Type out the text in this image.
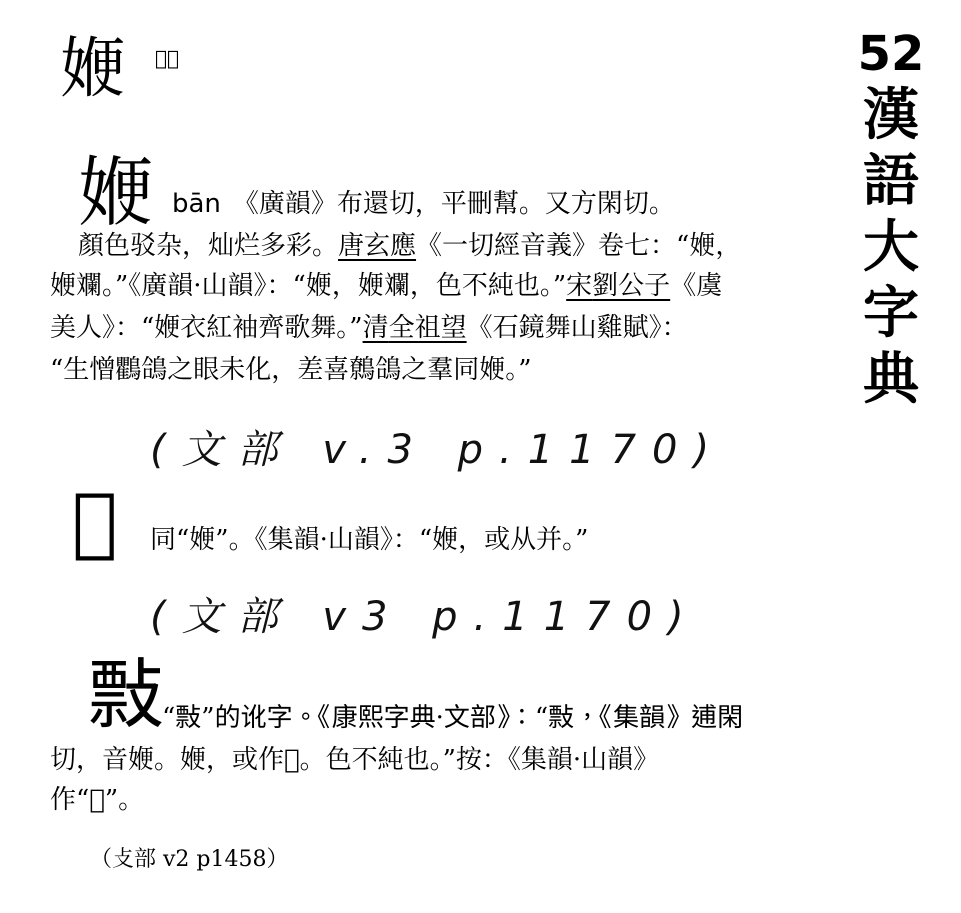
㛹 𢽍𢿏	52
漢
語
大
字
典
㛹 bān 《廣韻》布還切，平刪幫。又方閑切。
顏色驳杂，灿烂多彩。唐玄應《一切經音義》卷七：“㛹，
㛹斕。”《廣韻·山韻》：“㛹，㛹斕，色不純也。”宋劉公子《虞
美人》：“㛹衣紅袖齊歌舞。”清全祖望《石鏡舞山雞賦》：
“生憎鸜鴿之眼未化，差喜鷯鴿之羣同㛹。”
(文部 v.3 p.1170)
𢽍 同“㛹”。《集韻·山韻》：“㛹，或从并。”
(文部 v3 p.1170)
𢿏
“𢿏”的讹字。《康熙字典·文部》：“𢿏，《集韻》逋閑
切，音㛹。㛹，或作𢽍。色不純也。”按：《集韻·山韻》
作“𢽍”。
（攴部 v2 p1458）
